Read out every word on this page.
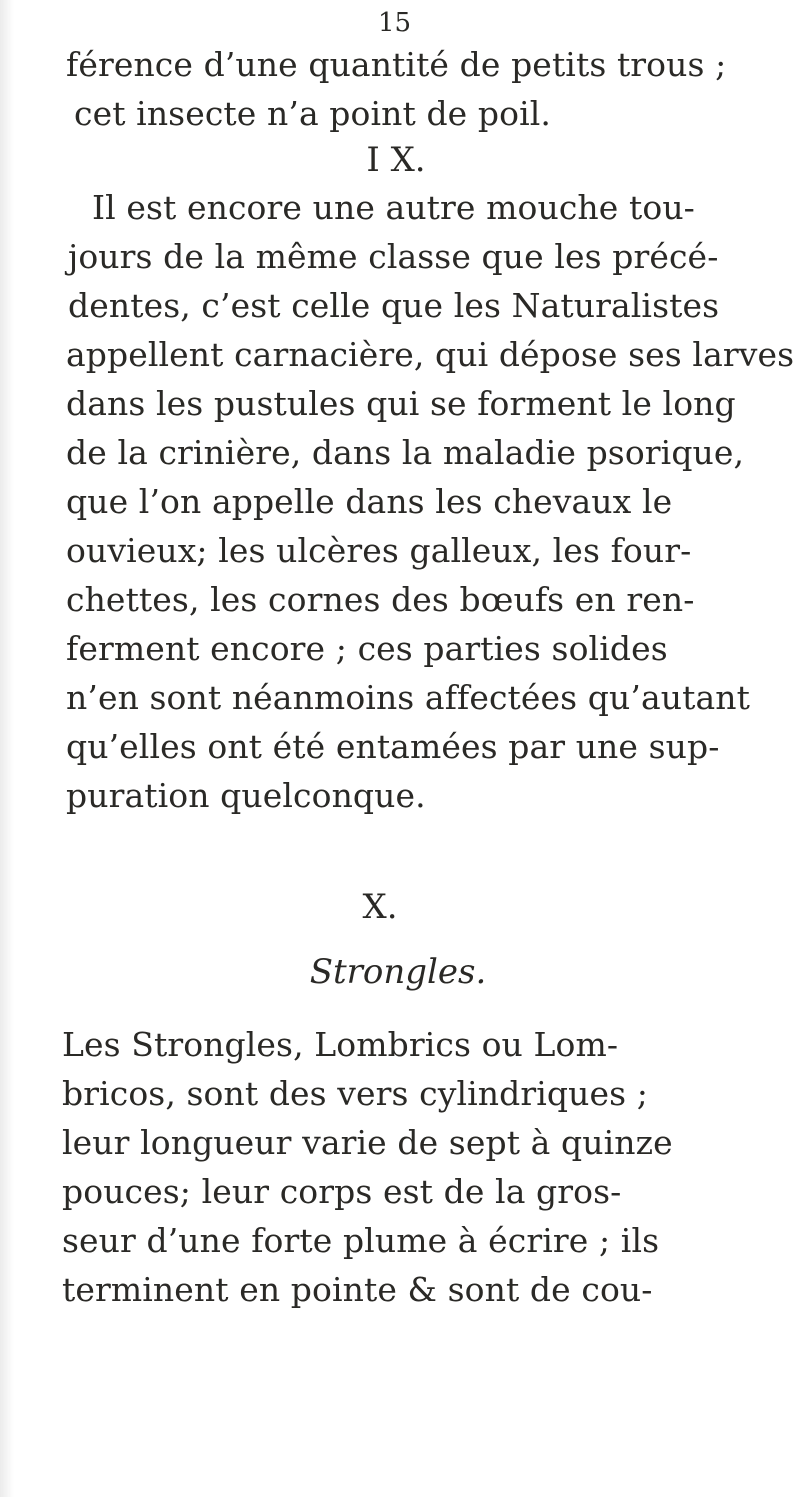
15
férence d’une quantité de petits trous ;
cet insecte n’a point de poil.
I X.
Il est encore une autre mouche tou-
jours de la même classe que les précé-
dentes, c’est celle que les Naturalistes
appellent carnacière, qui dépose ses larves
dans les pustules qui se forment le long
de la crinière, dans la maladie psorique,
que l’on appelle dans les chevaux le
ouvieux; les ulcères galleux, les four-
chettes, les cornes des bœufs en ren-
ferment encore ; ces parties solides
n’en sont néanmoins affectées qu’autant
qu’elles ont été entamées par une sup-
puration quelconque.
X.
Strongles.
Les Strongles, Lombrics ou Lom-
bricos, sont des vers cylindriques ;
leur longueur varie de sept à quinze
pouces; leur corps est de la gros-
seur d’une forte plume à écrire ; ils
terminent en pointe & sont de cou-
